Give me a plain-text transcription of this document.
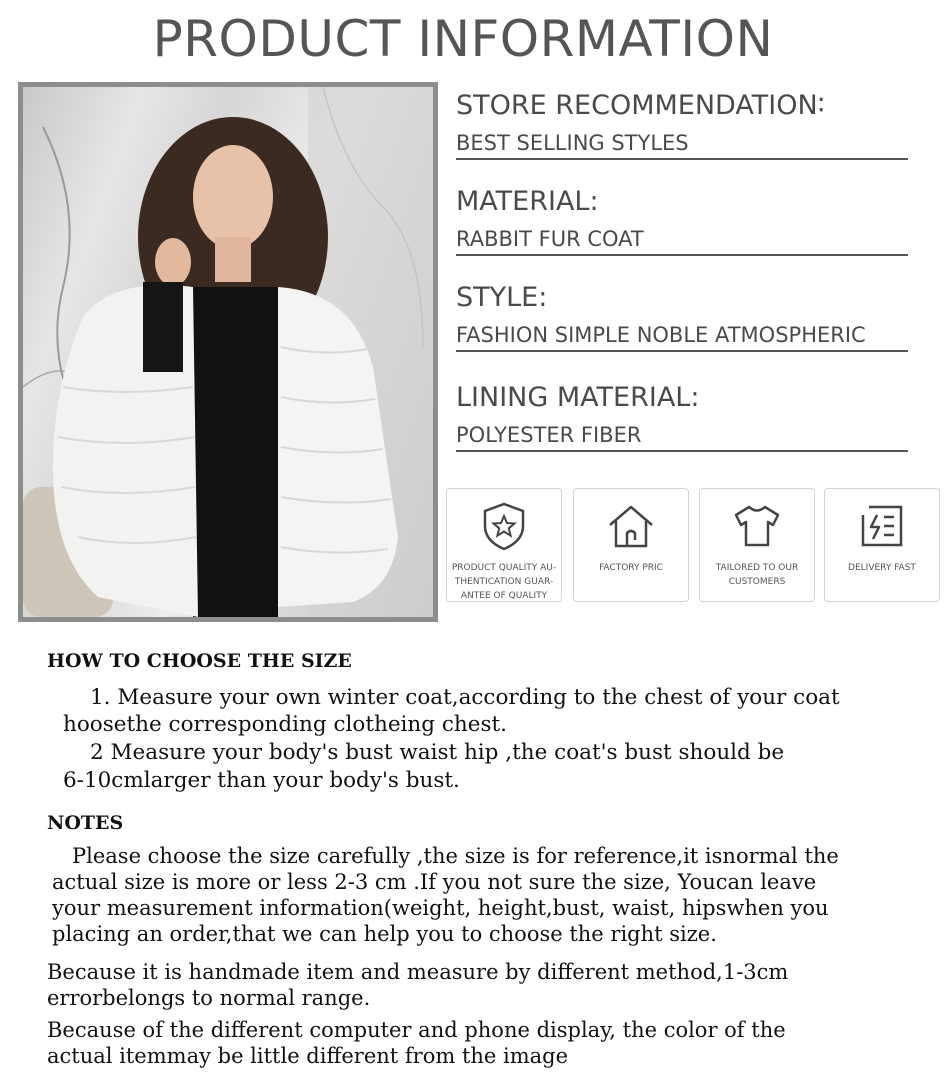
PRODUCT INFORMATION
STORE RECOMMENDATION∶
BEST SELLING STYLES
MATERIAL:
RABBIT FUR COAT
STYLE:
FASHION SIMPLE NOBLE ATMOSPHERIC
LINING MATERIAL:
POLYESTER FIBER
PRODUCT QUALITY AU-
THENTICATION GUAR-
ANTEE OF QUALITY
FACTORY PRIC	TAILORED TO OUR
CUSTOMERS
DELIVERY FAST
HOW TO CHOOSE THE SIZE
1. Measure your own winter coat,according to the chest of your coat
hoosethe corresponding clotheing chest.
2 Measure your body's bust waist hip ,the coat's bust should be
6-10cmlarger than your body's bust.
NOTES
Please choose the size carefully ,the size is for reference,it isnormal the
actual size is more or less 2-3 cm .If you not sure the size, Youcan leave
your measurement information(weight, height,bust, waist, hipswhen you
placing an order,that we can help you to choose the right size.
Because it is handmade item and measure by different method,1-3cm
errorbelongs to normal range.
Because of the different computer and phone display, the color of the
actual itemmay be little different from the image
